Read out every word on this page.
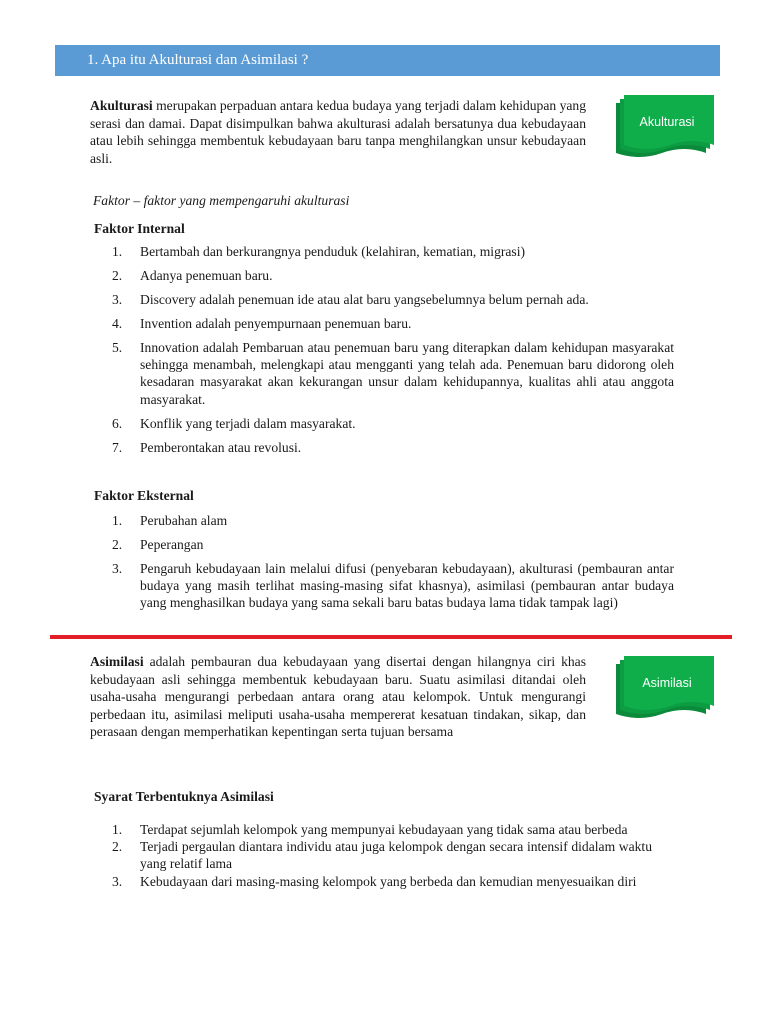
1. Apa itu Akulturasi dan Asimilasi ?
Akulturasi merupakan perpaduan antara kedua budaya yang terjadi dalam kehidupan yang serasi dan damai. Dapat disimpulkan bahwa akulturasi adalah bersatunya dua kebudayaan atau lebih sehingga membentuk kebudayaan baru tanpa menghilangkan unsur kebudayaan asli.
Akulturasi
Faktor – faktor yang mempengaruhi akulturasi
Faktor Internal
1. Bertambah dan berkurangnya penduduk (kelahiran, kematian, migrasi)
2. Adanya penemuan baru.
3. Discovery adalah penemuan ide atau alat baru yangsebelumnya belum pernah ada.
4. Invention adalah penyempurnaan penemuan baru.
5. Innovation adalah Pembaruan atau penemuan baru yang diterapkan dalam kehidupan masyarakat sehingga menambah, melengkapi atau mengganti yang telah ada. Penemuan baru didorong oleh kesadaran masyarakat akan kekurangan unsur dalam kehidupannya, kualitas ahli atau anggota masyarakat.
6. Konflik yang terjadi dalam masyarakat.
7. Pemberontakan atau revolusi.
Faktor Eksternal
1. Perubahan alam
2. Peperangan
3. Pengaruh kebudayaan lain melalui difusi (penyebaran kebudayaan), akulturasi (pembauran antar budaya yang masih terlihat masing-masing sifat khasnya), asimilasi (pembauran antar budaya yang menghasilkan budaya yang sama sekali baru batas budaya lama tidak tampak lagi)
Asimilasi adalah pembauran dua kebudayaan yang disertai dengan hilangnya ciri khas kebudayaan asli sehingga membentuk kebudayaan baru. Suatu asimilasi ditandai oleh usaha-usaha mengurangi perbedaan antara orang atau kelompok. Untuk mengurangi perbedaan itu, asimilasi meliputi usaha-usaha mempererat kesatuan tindakan, sikap, dan perasaan dengan memperhatikan kepentingan serta tujuan bersama
Asimilasi
Syarat Terbentuknya Asimilasi
1. Terdapat sejumlah kelompok yang mempunyai kebudayaan yang tidak sama atau berbeda
2. Terjadi pergaulan diantara individu atau juga kelompok dengan secara intensif didalam waktu yang relatif lama
3. Kebudayaan dari masing-masing kelompok yang berbeda dan kemudian menyesuaikan diri
